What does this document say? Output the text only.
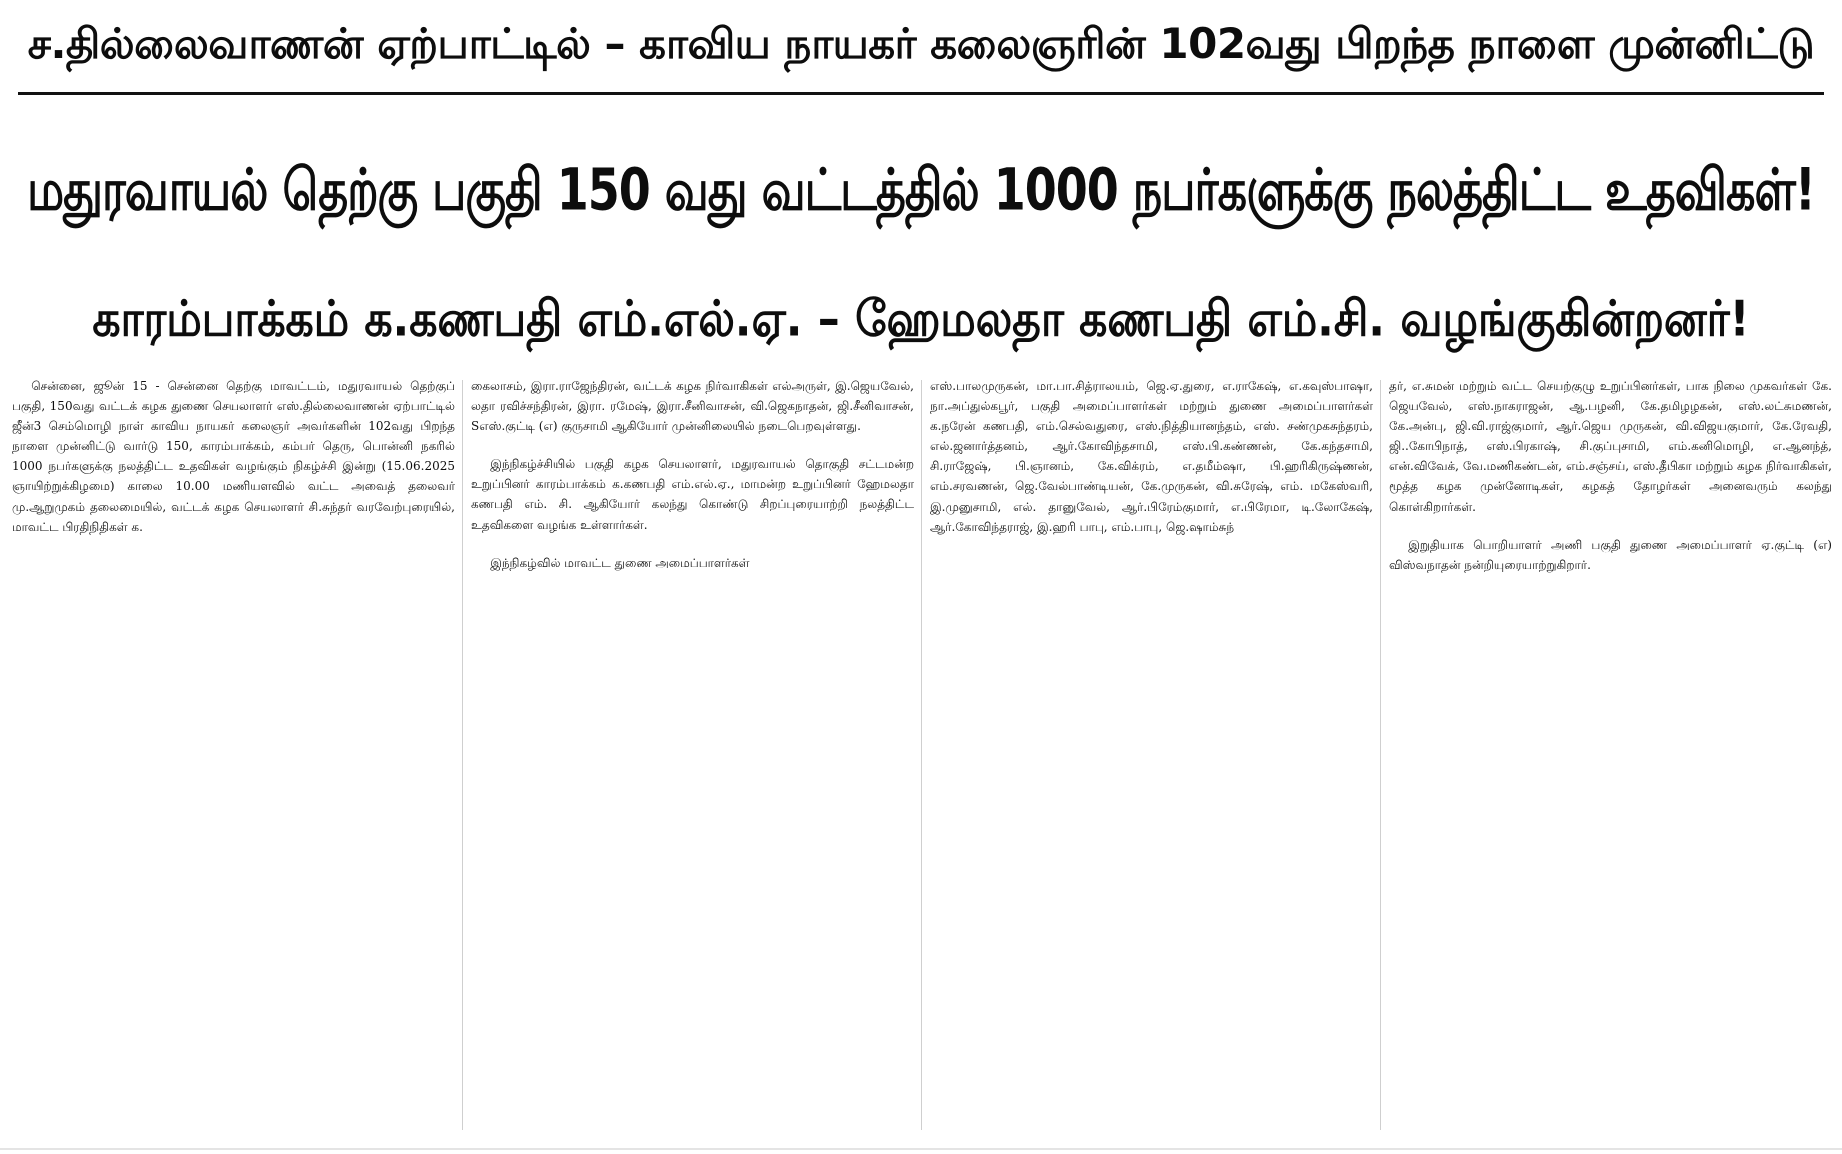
ச.தில்லைவாணன் ஏற்பாட்டில் – காவிய நாயகர் கலைஞரின் 102வது பிறந்த நாளை முன்னிட்டு
மதுரவாயல் தெற்கு பகுதி 150 வது வட்டத்தில் 1000 நபர்களுக்கு நலத்திட்ட உதவிகள்!
காரம்பாக்கம் க.கணபதி எம்.எல்.ஏ. – ஹேமலதா கணபதி எம்.சி. வழங்குகின்றனர்!

சென்னை, ஜூன் 15 - சென்னை தெற்கு மாவட்டம், மதுரவாயல் தெற்குப் பகுதி, 150வது வட்டக் கழக துணை செயலாளர் எஸ்.தில்லைவாணன் ஏற்பாட்டில் ஜீன்3 செம்மொழி நாள் காவிய நாயகர் கலைஞர் அவர்களின் 102வது பிறந்த நாளை முன்னிட்டு வார்டு 150, காரம்பாக்கம், கம்பர் தெரு, பொன்னி நகரில் 1000 நபர்களுக்கு நலத்திட்ட உதவிகள் வழங்கும் நிகழ்ச்சி இன்று (15.06.2025 ஞாயிற்றுக்கிழமை) காலை 10.00 மணியளவில் வட்ட அவைத் தலைவர் மு.ஆறுமுகம் தலைமையில், வட்டக் கழக செயலாளர் சி.சுந்தர் வரவேற்புரையில், மாவட்ட பிரதிநிதிகள் க.

கைலாசம், இரா.ராஜேந்திரன், வட்டக் கழக நிர்வாகிகள் எல்அருள், இ.ஜெயவேல், லதா ரவிச்சந்திரன், இரா. ரமேஷ், இரா.சீனிவாசன், வி.ஜெகநாதன், ஜி.சீனிவாசன், Sஎஸ்.குட்டி (எ) குருசாமி ஆகியோர் முன்னிலையில் நடைபெறவுள்ளது.

இந்நிகழ்ச்சியில் பகுதி கழக செயலாளர், மதுரவாயல் தொகுதி சட்டமன்ற உறுப்பினர் காரம்பாக்கம் க.கணபதி எம்.எல்.ஏ., மாமன்ற உறுப்பினர் ஹேமலதா கணபதி எம். சி. ஆகியோர் கலந்து கொண்டு சிறப்புரையாற்றி நலத்திட்ட உதவிகளை வழங்க உள்ளார்கள்.

இந்நிகழ்வில் மாவட்ட துணை அமைப்பாளர்கள்

எஸ்.பாலமுருகன், மா.பா.சித்ராலயம், ஜெ.ஏ.துரை, எ.ராகேஷ், எ.கவுஸ்பாஷா, நா.அப்துல்கபூர், பகுதி அமைப்பாளர்கள் மற்றும் துணை அமைப்பாளர்கள் க.நரேன் கணபதி, எம்.செல்வதுரை, எஸ்.நித்தியானந்தம், எஸ். சண்முகசுந்தரம், எல்.ஜனார்த்தனம், ஆர்.கோவிந்தசாமி, எஸ்.பி.கண்ணன், கே.கந்தசாமி, சி.ராஜேஷ், பி.ஞானம், கே.விக்ரம், எ.தமீம்ஷா, பி.ஹரிகிருஷ்ணன், எம்.சரவணன், ஜெ.வேல்பாண்டியன், கே.முருகன், வி.சுரேஷ், எம். மகேஸ்வரி, இ.முனுசாமி, எல். தானுவேல், ஆர்.பிரேம்குமார், எ.பிரேமா, டி.லோகேஷ், ஆர்.கோவிந்தராஜ், இ.ஹரி பாபு, எம்.பாபு, ஜெ.ஷாம்சுந்

தர், எ.சுமன் மற்றும் வட்ட செயற்குழு உறுப்பினர்கள், பாக நிலை முகவர்கள் கே. ஜெயவேல், எஸ்.நாகராஜன், ஆ.பழனி, கே.தமிழழகன், எஸ்.லட்சுமணன், கே.அன்பு, ஜி.வி.ராஜ்குமார், ஆர்.ஜெய முருகன், வி.விஜயகுமார், கே.ரேவதி, ஜி..கோபிநாத், எஸ்.பிரகாஷ், சி.குப்புசாமி, எம்.கனிமொழி, எ.ஆனந்த், என்.விவேக், வே.மணிகண்டன், எம்.சஞ்சய், எஸ்.தீபிகா மற்றும் கழக நிர்வாகிகள், மூத்த கழக முன்னோடிகள், கழகத் தோழர்கள் அனைவரும் கலந்து கொள்கிறார்கள்.

இறுதியாக பொறியாளர் அணி பகுதி துணை அமைப்பாளர் ஏ.குட்டி (எ) விஸ்வநாதன் நன்றியுரையாற்றுகிறார்.
